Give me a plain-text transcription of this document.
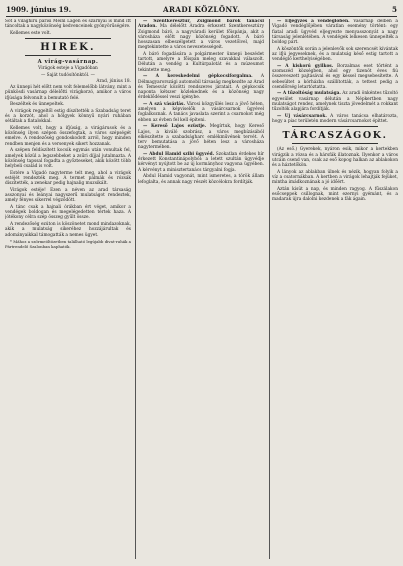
1909. június 19.	ARADI KÖZLÖNY.	5

Sőt a világhirű párisi Meinl Lagen és szárnyai is mind itt táncoltak a nagyközönség kedvenceinek gyönyörűségére.

Kellemes este volt.

HIREK.
A virág-vasárnap.
Virágok esteje a Vigadóban
— Saját tudósítónktól. —
Arad, június 18.

Az ünnepi hét előtt nem volt felemelőbb látvány, mint a pünkösdi vasárnap délelőtti virágkorzó, amikor a város ifjúsága felvonult a bemutató felé.

Beszéltek és ünnepeltek.

A virágok reggeltől estig díszítették a Szabadság teret és a korzót, ahol a hölgyek könnyű nyári ruhában sétáltak a fiatalokkal.

Kellemes volt, hogy a ifjúság, a virágárusok és a közönség ilyen szépen összefogtak, a város szépségét emelve. A rendezőség gondoskodott arról, hogy minden rendben menjen és a versenyek sikert hozzanak.

A szépen feldíszített kocsik egymás után vonultak fel, amelyek közül a legszebbeket a zsűri díjjal jutalmazta. A közönség tapssal fogadta a győzteseket, akik között több helybeli család is volt.

Estére a Vigadó nagyterme telt meg, ahol a virágok estéjét rendezték meg. A termet pálmák és rózsák díszítették, a zenekar pedig hajnalig muzsikált.

Virágok estéje! Ezen a néven az arad társaság asszonyai és leányai nagyszerű mulatságot rendeztek, amely fényes sikerrel végződött.

A tánc csak a hajnali órákban ért véget, amikor a vendégek boldogan és megelégedetten tértek haza. A jótékony célra szép összeg gyűlt össze.

A rendezőség ezúton is köszönetet mond mindazoknak, akik a mulatság sikeréhez hozzájárultak és adományaikkal támogatták a nemes ügyet.

* Mához a szőrmeöltözetben található legújabb divat-ruhák a Pártrendelő Szalonban kaphatók.

— Szentkeresztúr, Zsigmond bárók tanácsi Aradon. Ma délelőtt Aradra érkezett Szentkeresztúry Zsigmond báró, a nagyváradi kerület főispánja, akit a városháza előtt nagy közönség fogadott. A báró hosszasan elbeszélgetett a város vezetőivel, majd megtekintette a város nevezetességeit.

A báró fogadására a polgármester ünnepi beszédet tartott, amelyre a főispán meleg szavakkal válaszolt. Délután a vendég a Kultúrpalotát és a múzeumot tekintette meg.

— A kereskedelmi gépkocsiforgalma. A Délmagyarországi automobil társaság megkezdte az Arad és Temesvár közötti rendszeres járatait. A gépkocsik naponta kétszer közlekednek és a közönség nagy érdeklődéssel veszi igénybe.

— A szá vásárlás. Városi közgyűlés lesz a jövő héten, amelyen a képviselők a vásárcsarnok ügyével foglalkoznak. A tanács javaslata szerint a csarnokot még ebben az évben fel kell építeni.

— Kereső Lajos ezüstje. Megírtuk, hogy Kereső Lajos, a kiváló szobrász, a város megbízásából elkészítette a szabadságharc emlékművének tervét. A terv bemutatása a jövő héten lesz a városháza nagytermében.

— Abdul Hamid szibi ügyvéd. Szokatlan érdekes hír érkezett Konstantinápolyból: a letett szultán ügyvédje kérvényt nyújtott be az új kormányhoz vagyona ügyében. A kérvényt a minisztertanács tárgyalni fogja.

Abdul Hamid vagyonát, mint ismeretes, a török állam lefoglalta, és annak nagy részét közcélokra fordítják.

— Eljegyzés a vendéglőben. Vasárnap délben a Vigadó vendéglőjében váratlan esemény történt: egy fiatal aradi ügyvéd eljegyezte menyasszonyát a nagy társaság jelenlétében. A vendégek lelkesen ünnepelték a boldog párt.

A köszöntők során a jelenlevők sok szerencsét kívántak az ifjú jegyeseknek, és a mulatság késő estig tartott a vendéglő kerthelyiségében.

— A kiskorú gyilkos. Borzalmas eset történt a szomszéd községben, ahol egy tizenöt éves fiú összeveszett pajtásával és egy késsel megsebesítette. A sebesültet a kórházba szállították, a tettest pedig a csendőrség letartóztatta.

— A tűzoltóság mulatsága. Az aradi önkéntes tűzoltó egyesület vasárnap délután a Népkertben nagy mulatságot rendez, amelynek tiszta jövedelmét a rokkant tűzoltók alapjára fordítják.

— Uj vásárcsarnok. A város tanácsa elhatározta, hogy a piac területén modern vásárcsarnokot építtet.

TÁRCASZÁGOK.

(Az eső.) Gyerekek, nyáron esik, mikor a kertekben virágzik a rózsa és a hársfák illatoznak. Ilyenkor a város utcáin csend van, csak az eső kopog halkan az ablakokon és a háztetőkön.

A lányok az ablakban ülnek és nézik, hogyan folyik a víz a csatornákban. A kertben a virágok lehajtják fejüket, mintha imádkoznának a jó időért.

Aztán kisüt a nap, és minden ragyog. A fűszálakon esőcseppek csillognak, mint ezernyi gyémánt, és a madarak újra dalolni kezdenek a fák ágain.
